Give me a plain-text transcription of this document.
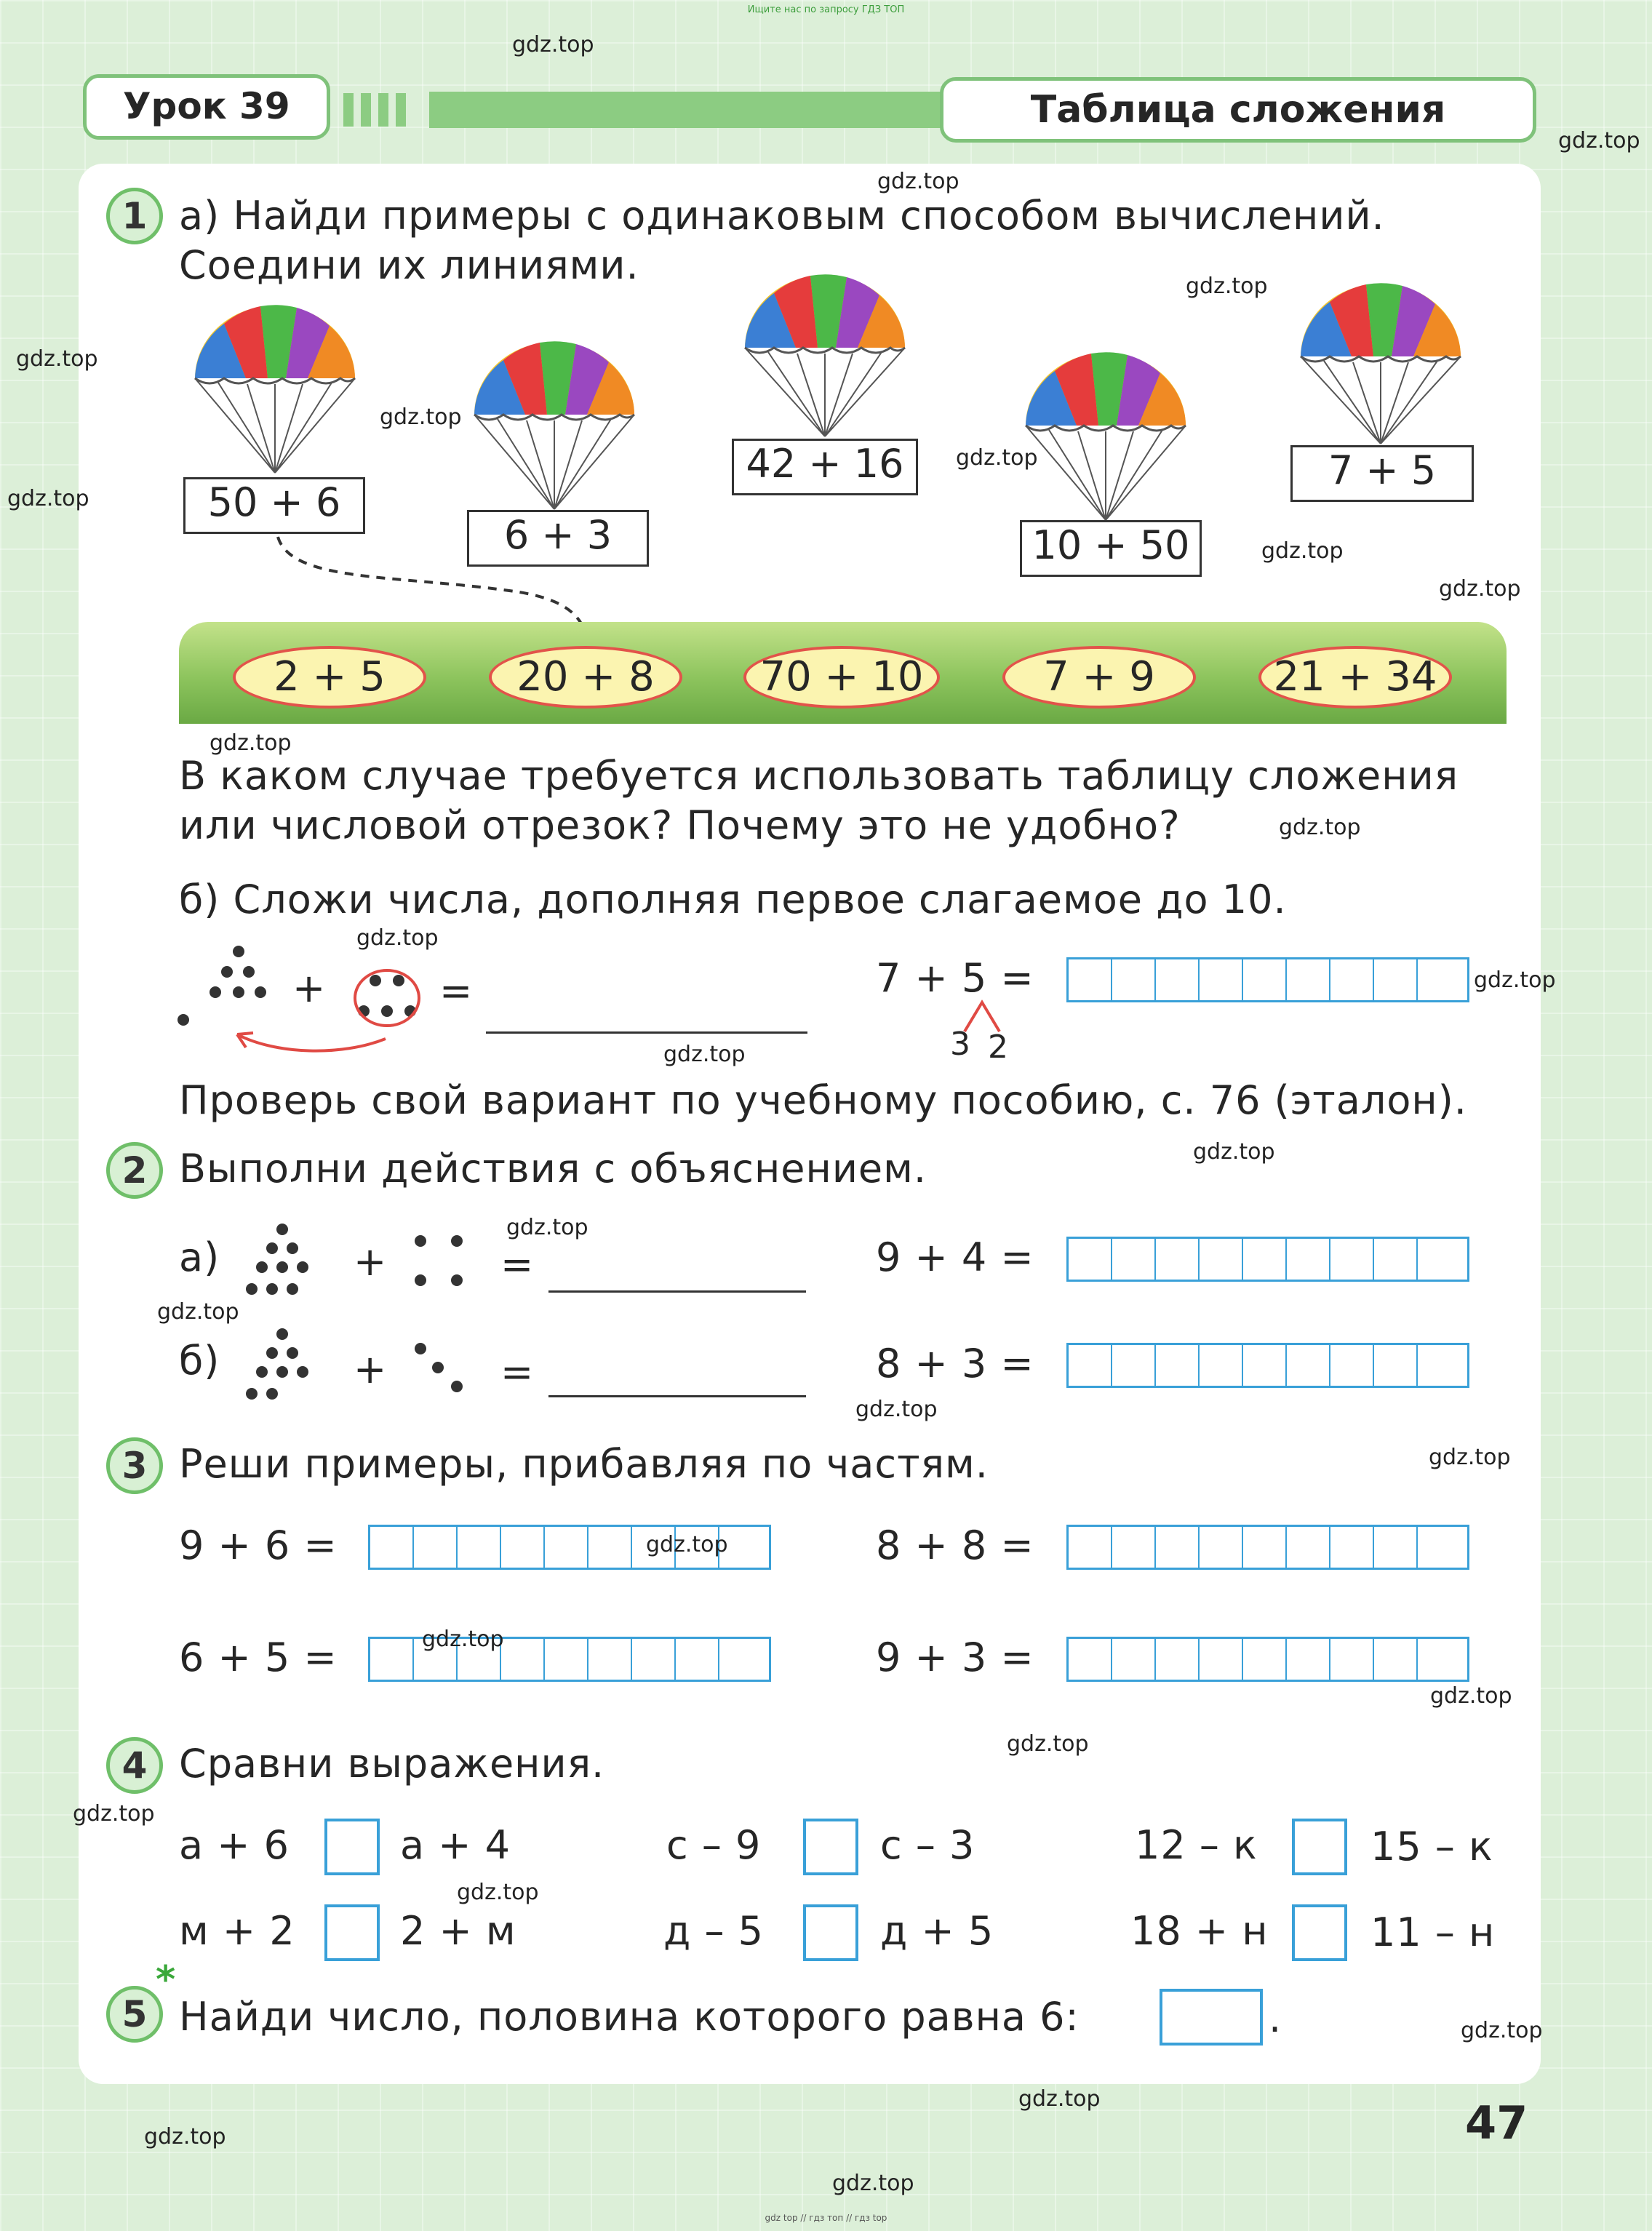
Ищите нас по запросу ГДЗ ТОП
Урок 39	Таблица сложения
1 а) Найди примеры с одинаковым способом вычислений.
Соедини их линиями.
50 + 6
6 + 3
42 + 16
10 + 50
7 + 5
2 + 5	20 + 8	70 + 10	7 + 9	21 + 34
В каком случае требуется использовать таблицу сложения
или числовой отрезок? Почему это не удобно?
б) Сложи числа, дополняя первое слагаемое до 10.
+	=	7 + 5 =
3 2
Проверь свой вариант по учебному пособию, с. 76 (эталон).
2 Выполни действия с объяснением.
а)	+	=	9 + 4 =
б)	+	=	8 + 3 =
3 Реши примеры, прибавляя по частям.
9 + 6 =	8 + 8 =
6 + 5 =	9 + 3 =
4 Сравни выражения.
а + 6	а + 4	с – 9	с – 3	12 – к	15 – к
м + 2	2 + м	д – 5	д + 5	18 + н	11 – н
5
*
Найди число, половина которого равна 6:	.
47
gdz.top
gdz.top
gdz.top
gdz.top
gdz.top
gdz.top
gdz.top
gdz.top
gdz.top
gdz.top
gdz.top
gdz.top
gdz.top
gdz.top
gdz.top
gdz.top
gdz.top
gdz.top
gdz.top
gdz.top
gdz.top
gdz.top
gdz.top
gdz.top
gdz.top
gdz.top
gdz.top
gdz.top
gdz.top
gdz.top
gdz top // гдз топ // гдз top
